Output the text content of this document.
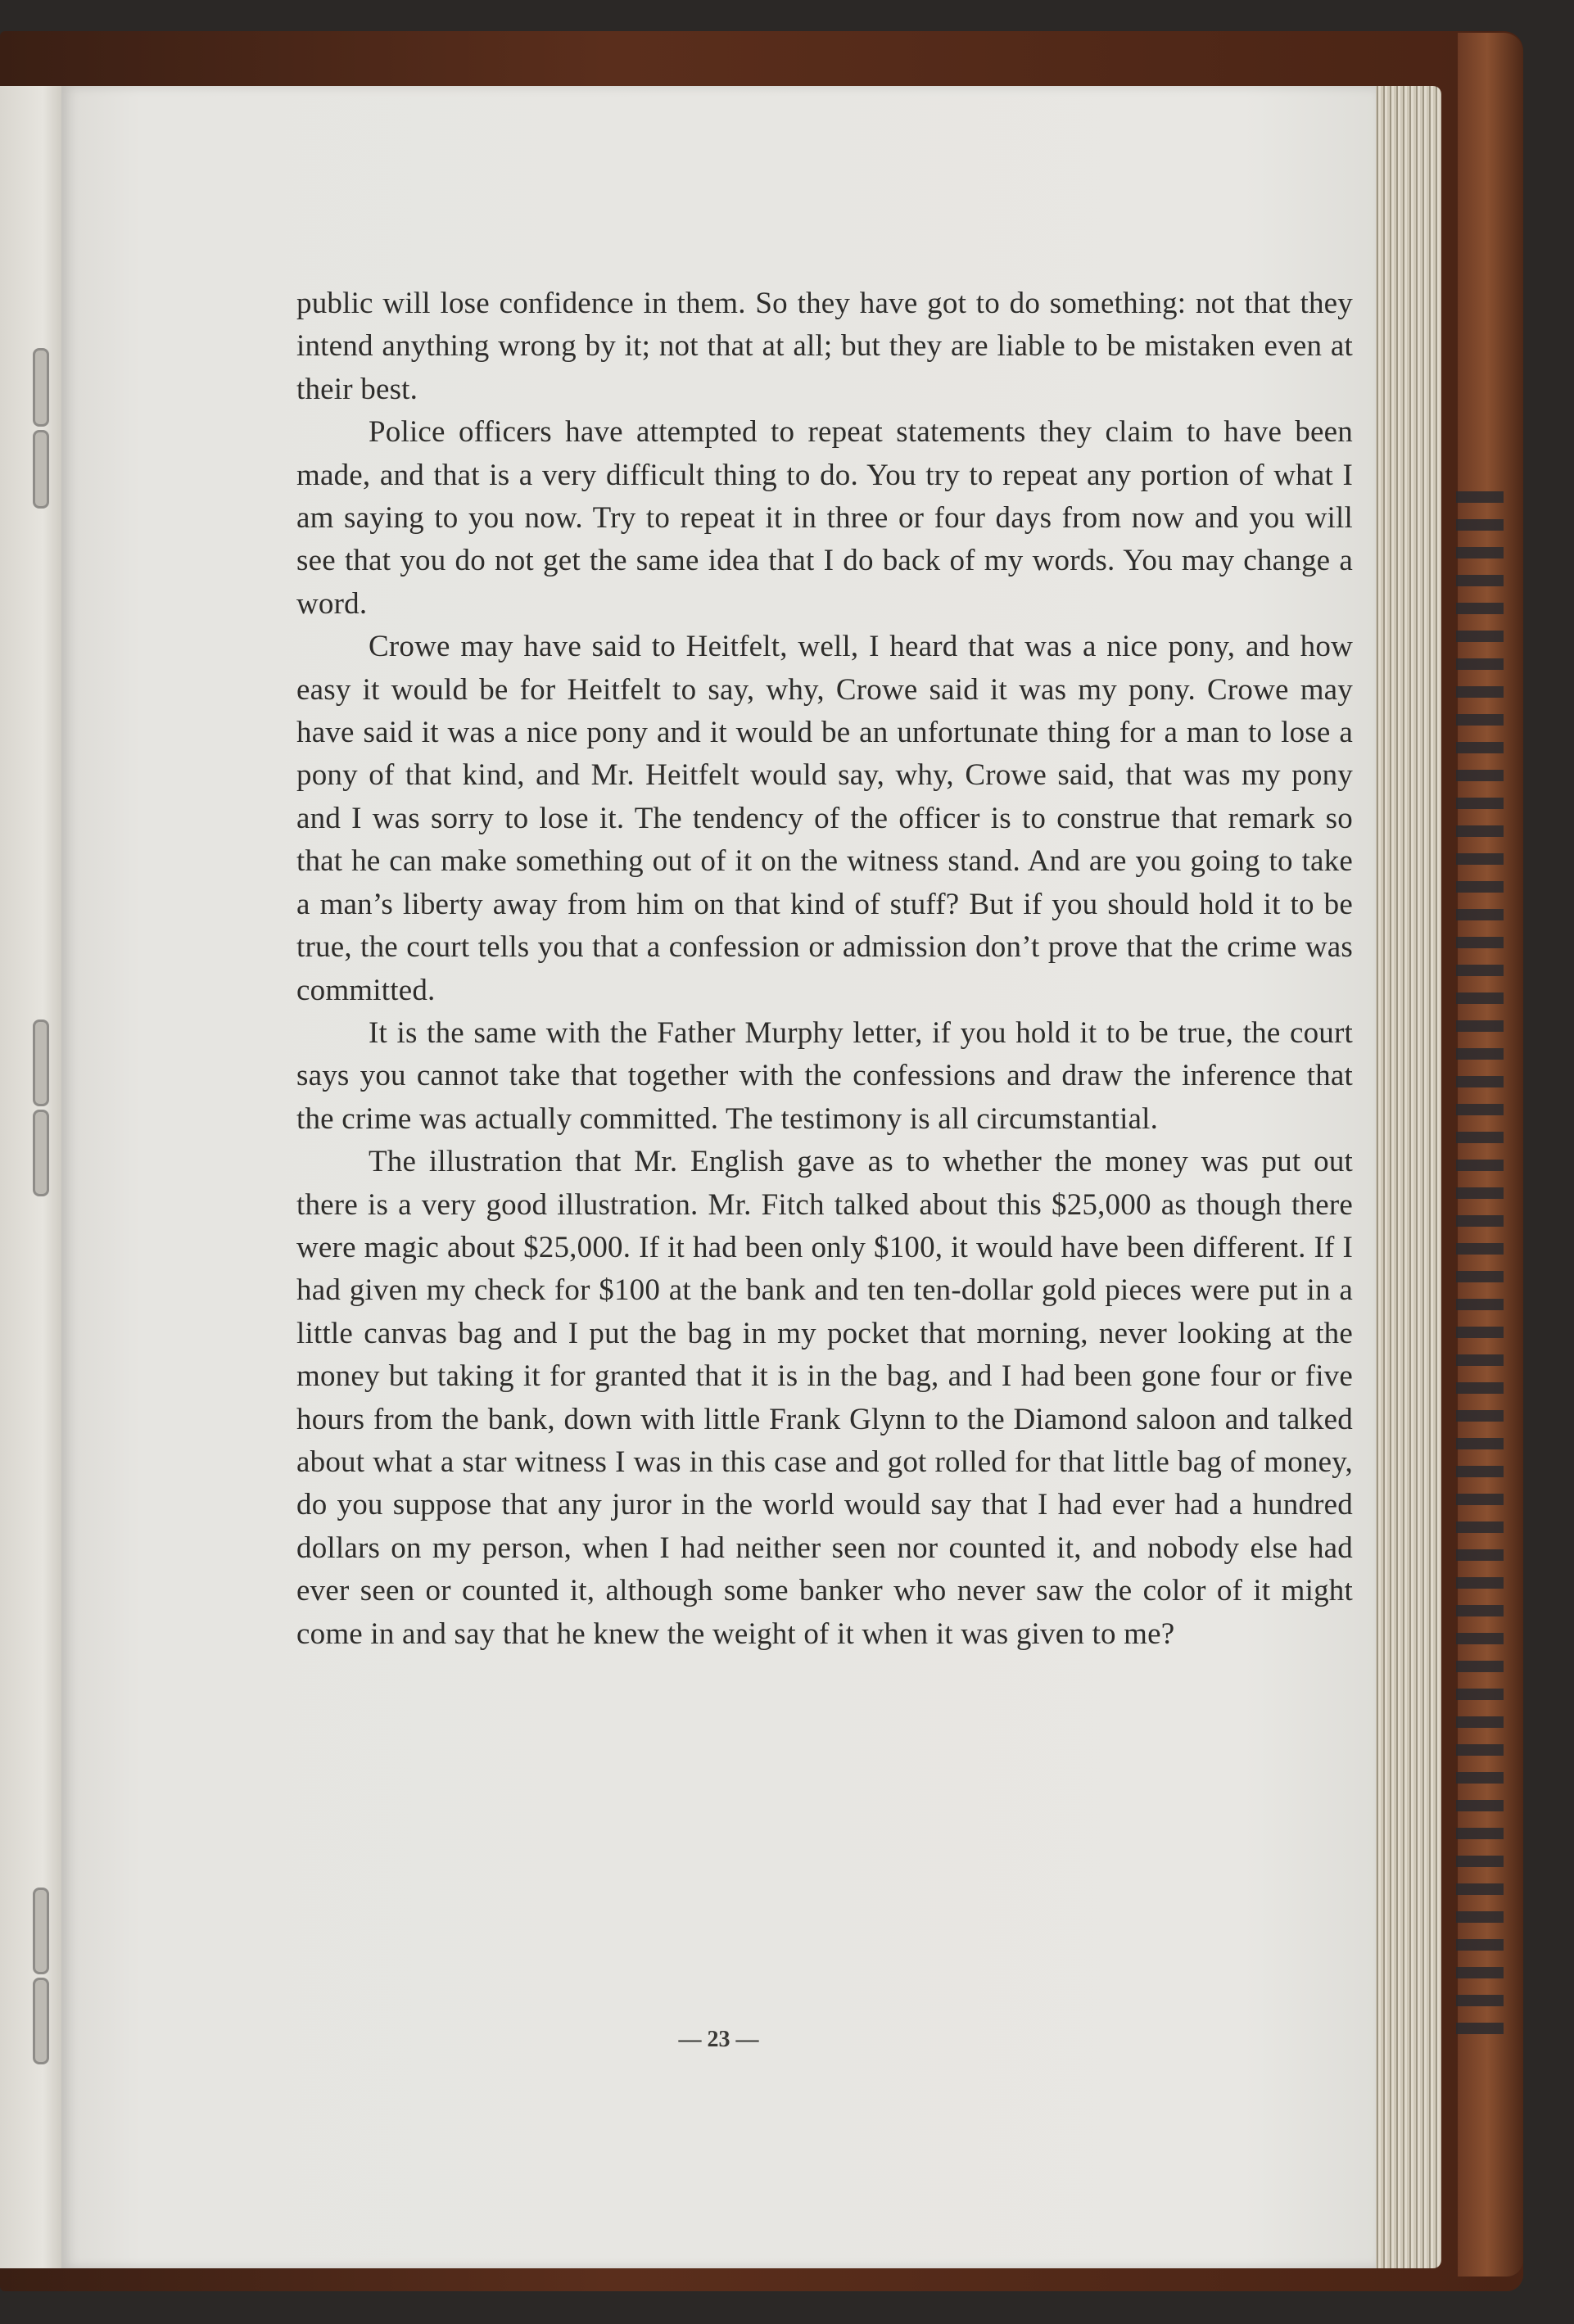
public will lose confidence in them. So they have got to do something: not that they intend anything wrong by it; not that at all; but they are liable to be mistaken even at their best.

Police officers have attempted to repeat statements they claim to have been made, and that is a very difficult thing to do. You try to repeat any portion of what I am saying to you now. Try to repeat it in three or four days from now and you will see that you do not get the same idea that I do back of my words. You may change a word.

Crowe may have said to Heitfelt, well, I heard that was a nice pony, and how easy it would be for Heitfelt to say, why, Crowe said it was my pony. Crowe may have said it was a nice pony and it would be an unfortunate thing for a man to lose a pony of that kind, and Mr. Heitfelt would say, why, Crowe said, that was my pony and I was sorry to lose it. The tendency of the officer is to construe that remark so that he can make something out of it on the witness stand. And are you going to take a man’s liberty away from him on that kind of stuff? But if you should hold it to be true, the court tells you that a confession or admission don’t prove that the crime was committed.

It is the same with the Father Murphy letter, if you hold it to be true, the court says you cannot take that together with the confessions and draw the inference that the crime was actually committed. The testimony is all circumstantial.

The illustration that Mr. English gave as to whether the money was put out there is a very good illustration. Mr. Fitch talked about this $25,000 as though there were magic about $25,000. If it had been only $100, it would have been different. If I had given my check for $100 at the bank and ten ten-dollar gold pieces were put in a little canvas bag and I put the bag in my pocket that morning, never looking at the money but taking it for granted that it is in the bag, and I had been gone four or five hours from the bank, down with little Frank Glynn to the Diamond saloon and talked about what a star witness I was in this case and got rolled for that little bag of money, do you suppose that any juror in the world would say that I had ever had a hundred dollars on my person, when I had neither seen nor counted it, and nobody else had ever seen or counted it, although some banker who never saw the color of it might come in and say that he knew the weight of it when it was given to me?

— 23 —
